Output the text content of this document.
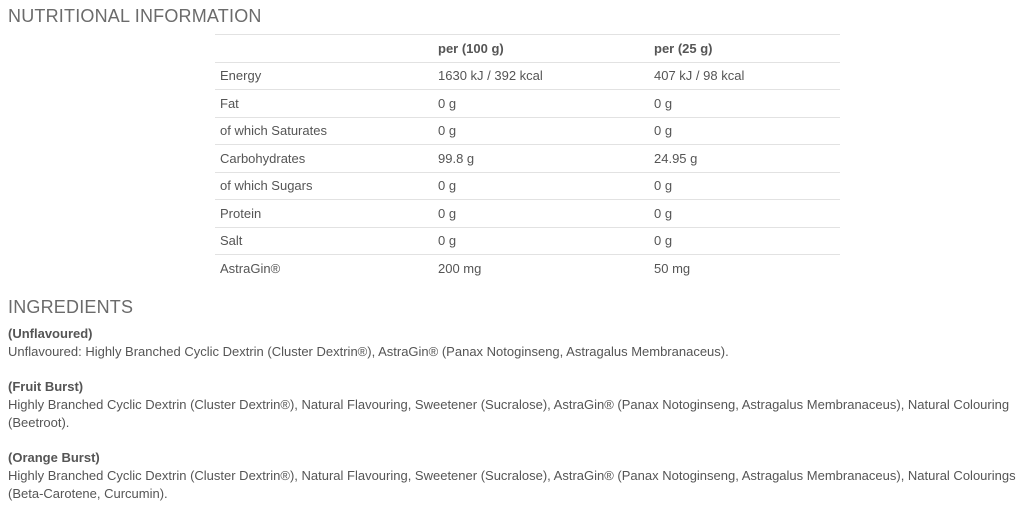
NUTRITIONAL INFORMATION
	per (100 g)	per (25 g)
Energy	1630 kJ / 392 kcal	407 kJ / 98 kcal
Fat	0 g	0 g
of which Saturates	0 g	0 g
Carbohydrates	99.8 g	24.95 g
of which Sugars	0 g	0 g
Protein	0 g	0 g
Salt	0 g	0 g
AstraGin®	200 mg	50 mg
INGREDIENTS
(Unflavoured)
Unflavoured: Highly Branched Cyclic Dextrin (Cluster Dextrin®), AstraGin® (Panax Notoginseng, Astragalus Membranaceus).
(Fruit Burst)
Highly Branched Cyclic Dextrin (Cluster Dextrin®), Natural Flavouring, Sweetener (Sucralose), AstraGin® (Panax Notoginseng, Astragalus Membranaceus), Natural Colouring (Beetroot).
(Orange Burst)
Highly Branched Cyclic Dextrin (Cluster Dextrin®), Natural Flavouring, Sweetener (Sucralose), AstraGin® (Panax Notoginseng, Astragalus Membranaceus), Natural Colourings (Beta-Carotene, Curcumin).
